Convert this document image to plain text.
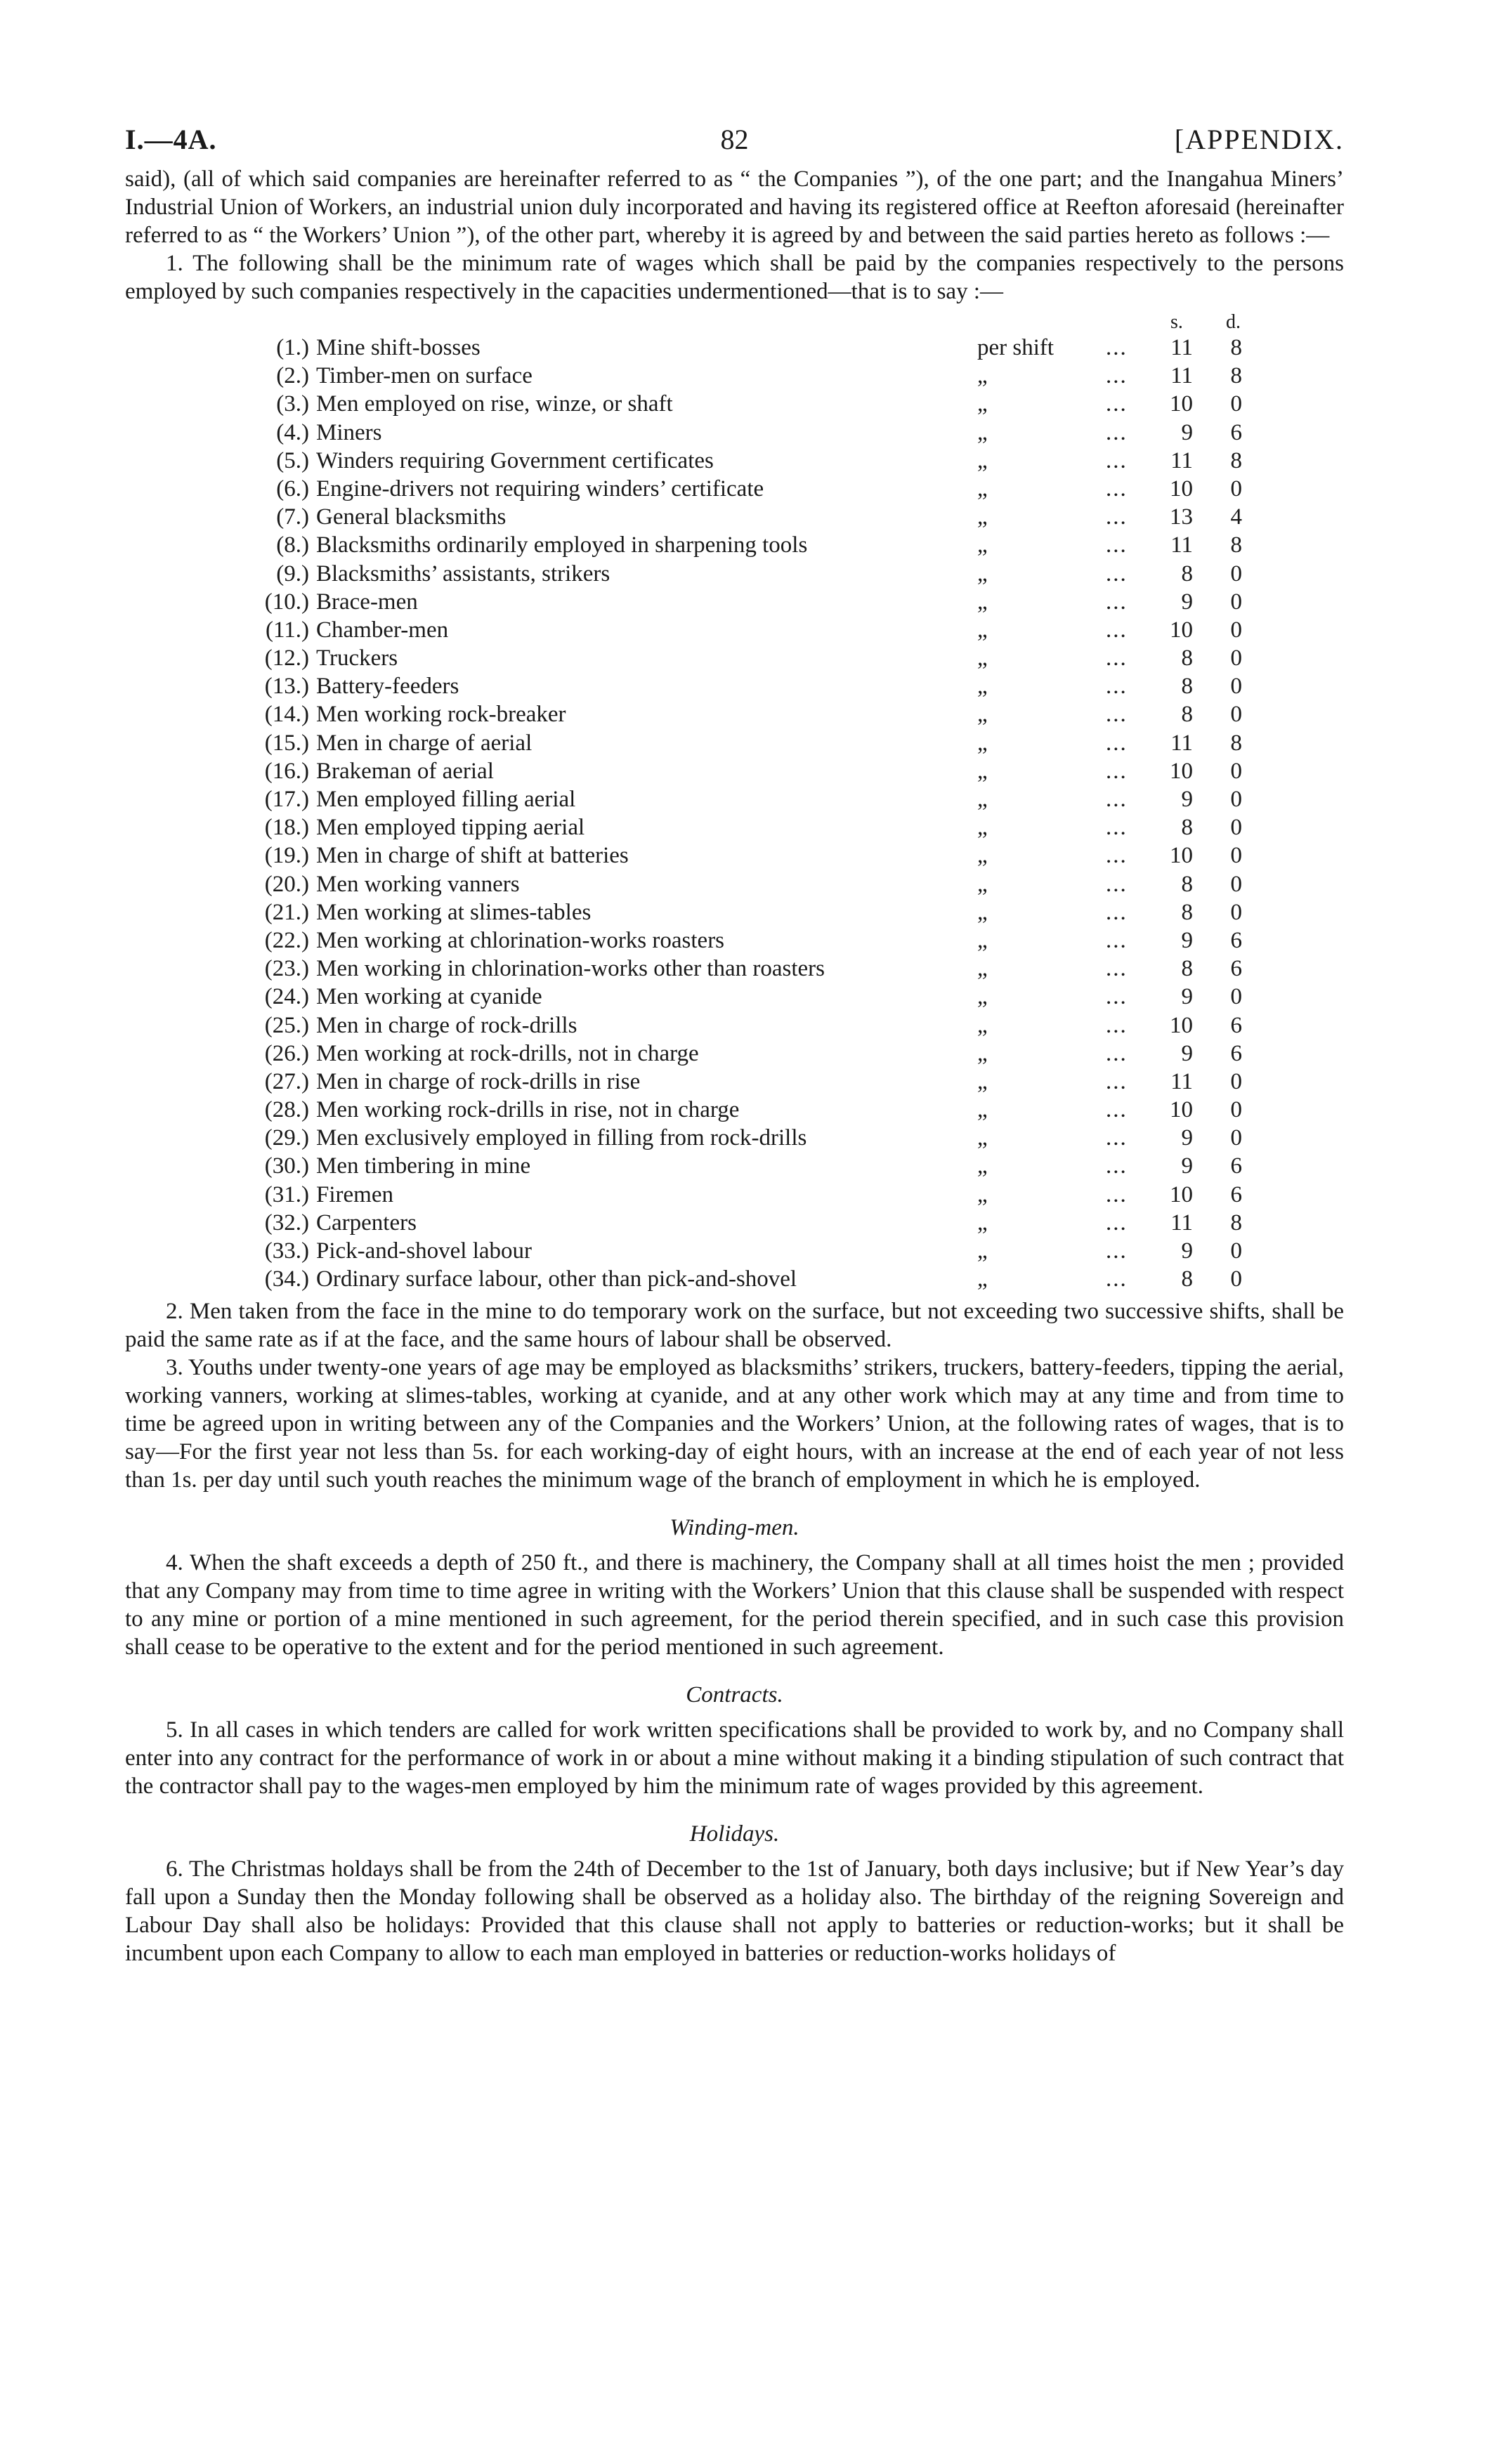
I.—4A.	82	[APPENDIX.

said), (all of which said companies are hereinafter referred to as “ the Companies ”), of the one part; and the Inangahua Miners’ Industrial Union of Workers, an industrial union duly incorporated and having its registered office at Reefton aforesaid (hereinafter referred to as “ the Workers’ Union ”), of the other part, whereby it is agreed by and between the said parties hereto as follows :—

1. The following shall be the minimum rate of wages which shall be paid by the companies respectively to the persons employed by such companies respectively in the capacities undermentioned—that is to say :—

s. d.
(1.) Mine shift-bosses	per shift ... 11 8
(2.) Timber-men on surface	„	... 11 8
(3.) Men employed on rise, winze, or shaft	„	... 10 0
(4.) Miners	„	... 9 6
(5.) Winders requiring Government certificates	„	... 11 8
(6.) Engine-drivers not requiring winders’ certificate	„	... 10 0
(7.) General blacksmiths	„	... 13 4
(8.) Blacksmiths ordinarily employed in sharpening tools	„	... 11 8
(9.) Blacksmiths’ assistants, strikers	„	... 8 0
(10.) Brace-men	„	... 9 0
(11.) Chamber-men	„	... 10 0
(12.) Truckers	„	... 8 0
(13.) Battery-feeders	„	... 8 0
(14.) Men working rock-breaker	„	... 8 0
(15.) Men in charge of aerial	„	... 11 8
(16.) Brakeman of aerial	„	... 10 0
(17.) Men employed filling aerial	„	... 9 0
(18.) Men employed tipping aerial	„	... 8 0
(19.) Men in charge of shift at batteries	„	... 10 0
(20.) Men working vanners	„	... 8 0
(21.) Men working at slimes-tables	„	... 8 0
(22.) Men working at chlorination-works roasters	„	... 9 6
(23.) Men working in chlorination-works other than roasters	„	... 8 6
(24.) Men working at cyanide	„	... 9 0
(25.) Men in charge of rock-drills	„	... 10 6
(26.) Men working at rock-drills, not in charge	„	... 9 6
(27.) Men in charge of rock-drills in rise	„	... 11 0
(28.) Men working rock-drills in rise, not in charge	„	... 10 0
(29.) Men exclusively employed in filling from rock-drills	„	... 9 0
(30.) Men timbering in mine	„	... 9 6
(31.) Firemen	„	... 10 6
(32.) Carpenters	„	... 11 8
(33.) Pick-and-shovel labour	„	... 9 0
(34.) Ordinary surface labour, other than pick-and-shovel	„	... 8 0

2. Men taken from the face in the mine to do temporary work on the surface, but not exceeding two successive shifts, shall be paid the same rate as if at the face, and the same hours of labour shall be observed.

3. Youths under twenty-one years of age may be employed as blacksmiths’ strikers, truckers, battery-feeders, tipping the aerial, working vanners, working at slimes-tables, working at cyanide, and at any other work which may at any time and from time to time be agreed upon in writing between any of the Companies and the Workers’ Union, at the following rates of wages, that is to say—For the first year not less than 5s. for each working-day of eight hours, with an increase at the end of each year of not less than 1s. per day until such youth reaches the minimum wage of the branch of employment in which he is employed.

Winding-men.

4. When the shaft exceeds a depth of 250 ft., and there is machinery, the Company shall at all times hoist the men ; provided that any Company may from time to time agree in writing with the Workers’ Union that this clause shall be suspended with respect to any mine or portion of a mine mentioned in such agreement, for the period therein specified, and in such case this provision shall cease to be operative to the extent and for the period mentioned in such agreement.

Contracts.

5. In all cases in which tenders are called for work written specifications shall be provided to work by, and no Company shall enter into any contract for the performance of work in or about a mine without making it a binding stipulation of such contract that the contractor shall pay to the wages-men employed by him the minimum rate of wages provided by this agreement.

Holidays.

6. The Christmas holdays shall be from the 24th of December to the 1st of January, both days inclusive; but if New Year’s day fall upon a Sunday then the Monday following shall be observed as a holiday also. The birthday of the reigning Sovereign and Labour Day shall also be holidays: Provided that this clause shall not apply to batteries or reduction-works; but it shall be incumbent upon each Company to allow to each man employed in batteries or reduction-works holidays of
